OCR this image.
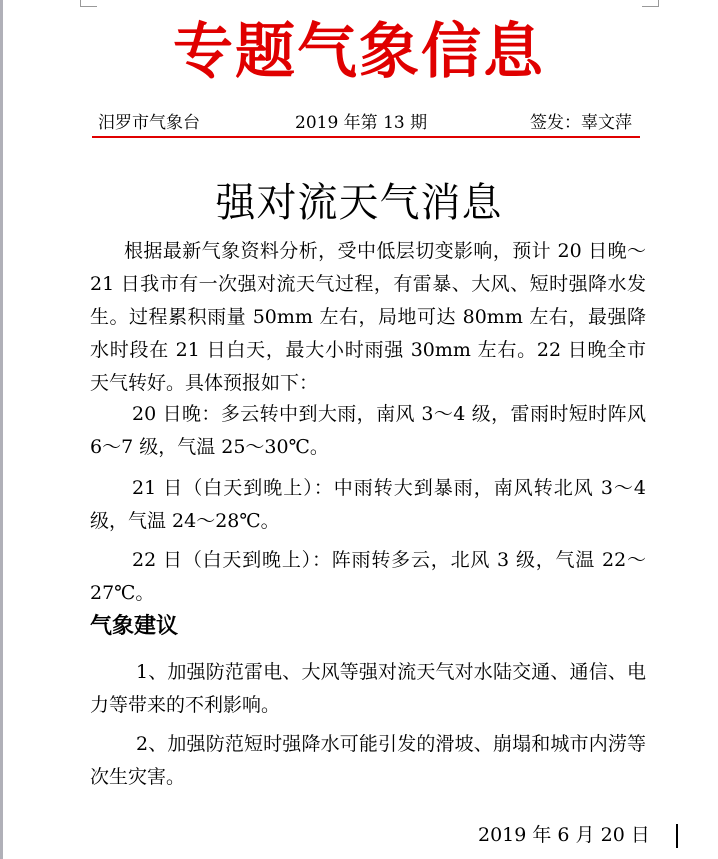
专题气象信息
汨罗市气象台	2019 年第 13 期	签发：辜文萍
强对流天气消息

根据最新气象资料分析，受中低层切变影响，预计 20 日晚～21 日我市有一次强对流天气过程，有雷暴、大风、短时强降水发生。过程累积雨量 50mm 左右，局地可达 80mm 左右，最强降水时段在 21 日白天，最大小时雨强 30mm 左右。22 日晚全市天气转好。具体预报如下：

20 日晚：多云转中到大雨，南风 3～4 级，雷雨时短时阵风 6～7 级，气温 25～30℃。

21 日（白天到晚上）：中雨转大到暴雨，南风转北风 3～4 级，气温 24～28℃。

22 日（白天到晚上）：阵雨转多云，北风 3 级，气温 22～27℃。

气象建议

1、加强防范雷电、大风等强对流天气对水陆交通、通信、电力等带来的不利影响。

2、加强防范短时强降水可能引发的滑坡、崩塌和城市内涝等次生灾害。

2019 年 6 月 20 日
